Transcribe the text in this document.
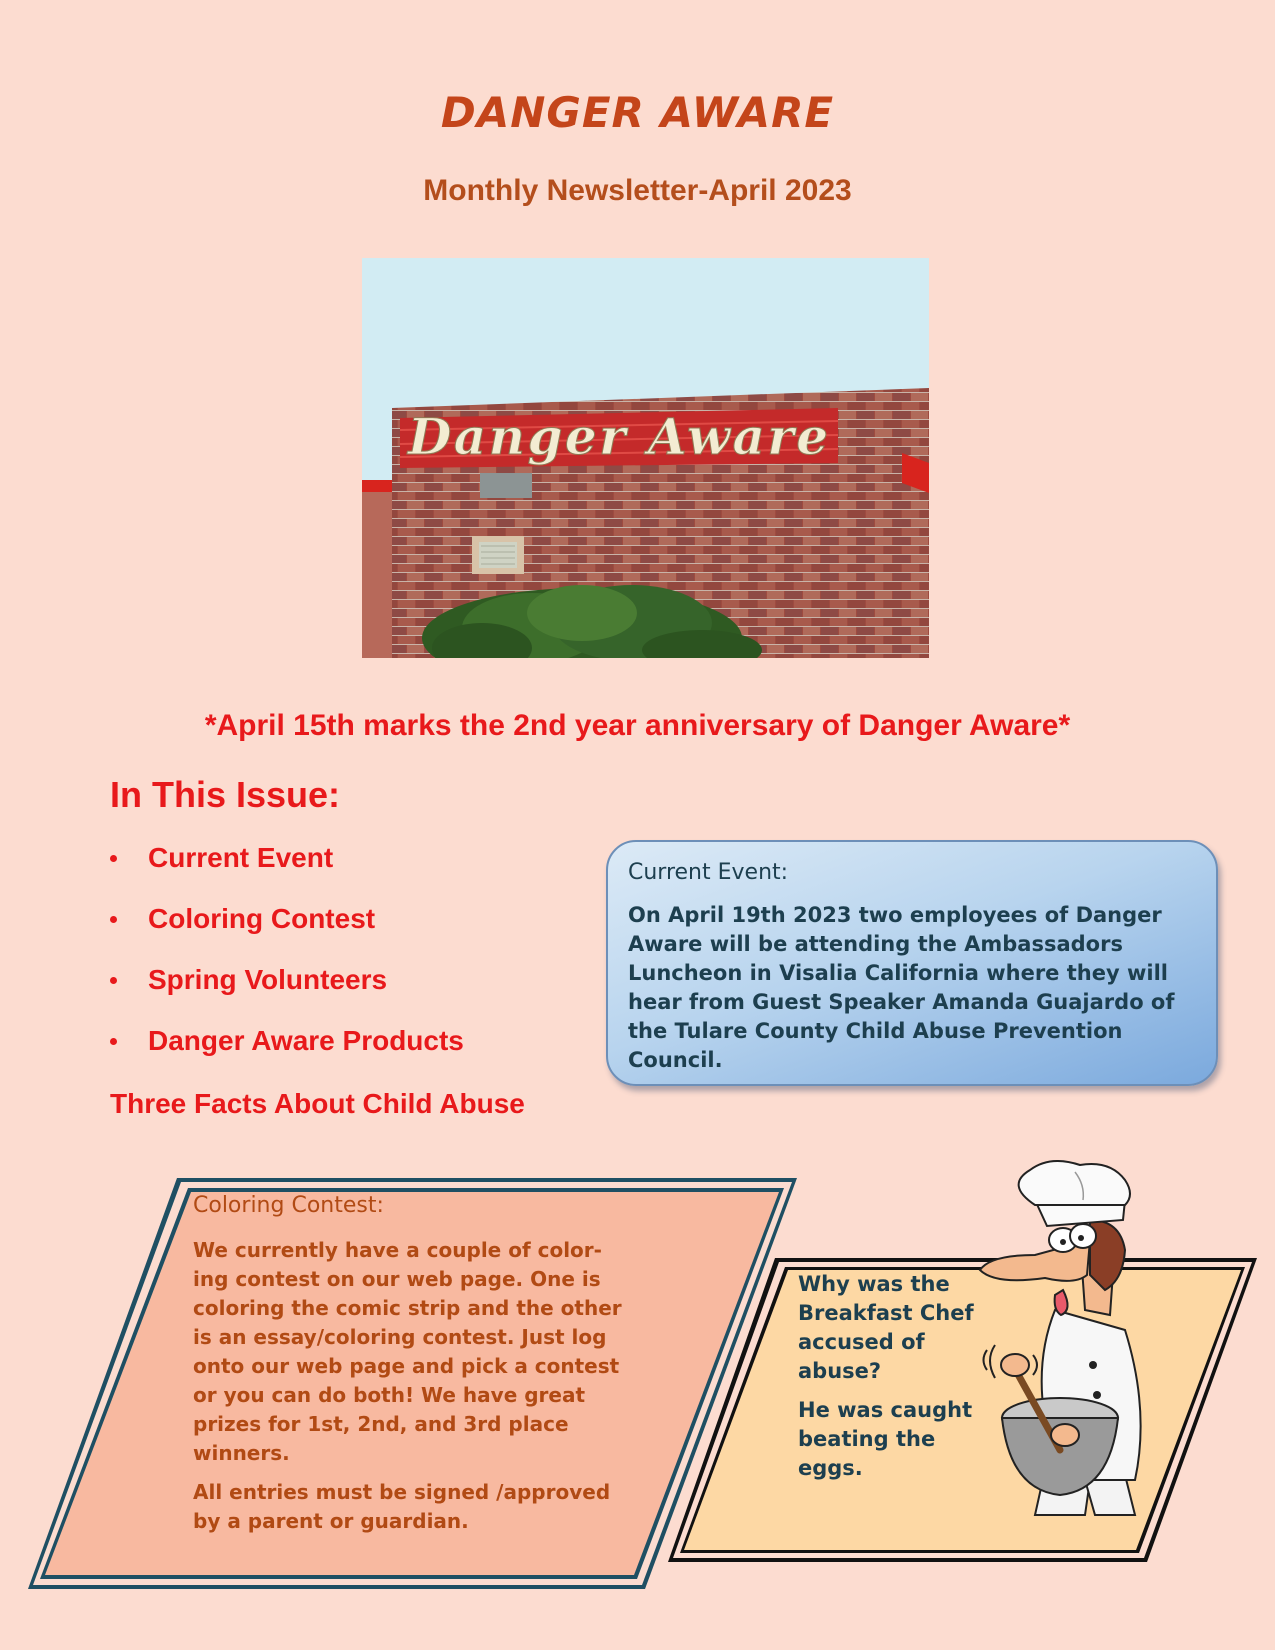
DANGER AWARE
Monthly Newsletter-April 2023
Danger Aware
*April 15th marks the 2nd year anniversary of Danger Aware*
In This Issue:
Current Event
Coloring Contest
Spring Volunteers
Danger Aware Products
Three Facts About Child Abuse
Current Event:
On April 19th 2023 two employees of Danger Aware will be attending the Ambassadors Luncheon in Visalia California where they will hear from Guest Speaker Amanda Guajardo of the Tulare County Child Abuse Prevention Council.
Coloring Contest:

We currently have a couple of color-ing contest on our web page. One is coloring the comic strip and the other is an essay/coloring contest. Just log onto our web page and pick a contest or you can do both! We have great prizes for 1st, 2nd, and 3rd place winners.

All entries must be signed /approved by a parent or guardian.

Why was the Breakfast Chef accused of abuse?

He was caught beating the eggs.
